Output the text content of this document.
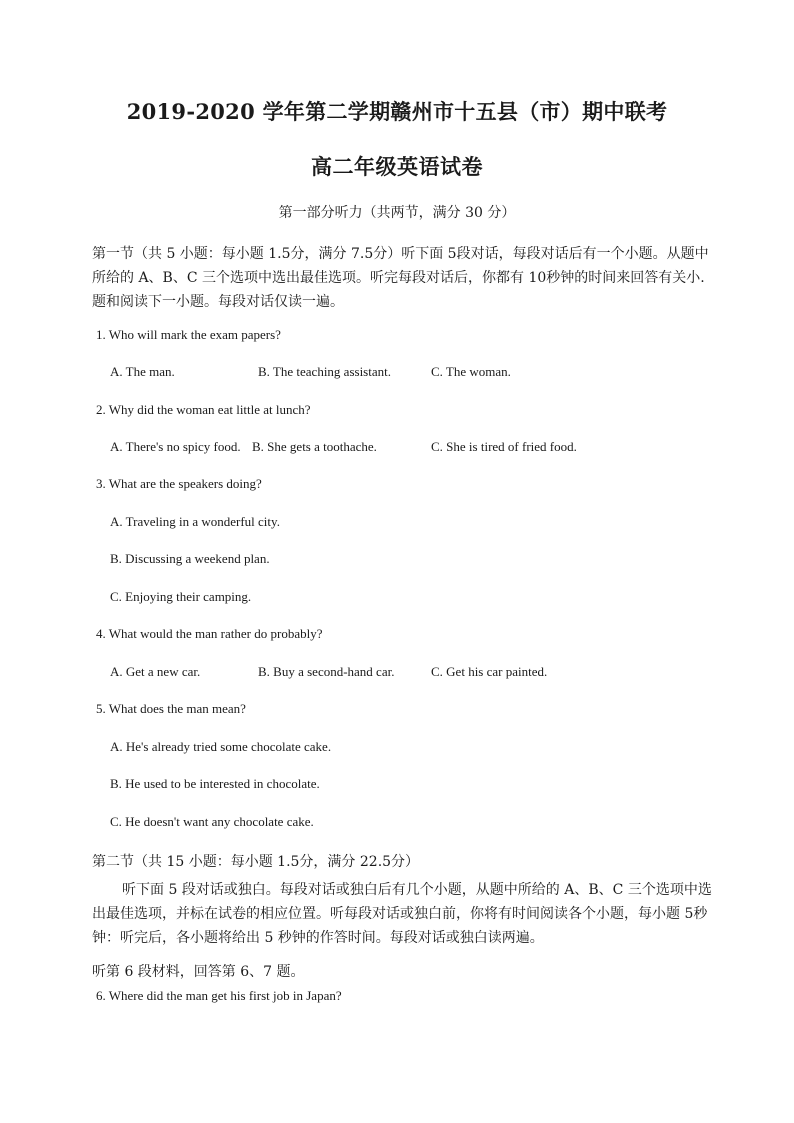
2019-2020 学年第二学期赣州市十五县（市）期中联考
高二年级英语试卷
第一部分听力（共两节，满分 30 分）
第一节（共 5 小题：每小题 1.5分，满分 7.5分）听下面 5段对话，每段对话后有一个小题。从题中所给的 A、B、C 三个选项中选出最佳选项。听完每段对话后，你都有 10秒钟的时间来回答有关小.题和阅读下一小题。每段对话仅读一遍。
1. Who will mark the exam papers?
A. The man.	B. The teaching assistant.	C. The woman.
2. Why did the woman eat little at lunch?
A. There's no spicy food. B. She gets a toothache.	C. She is tired of fried food.
3. What are the speakers doing?
A. Traveling in a wonderful city.
B. Discussing a weekend plan.
C. Enjoying their camping.
4. What would the man rather do probably?
A. Get a new car.	B. Buy a second-hand car.	C. Get his car painted.
5. What does the man mean?
A. He's already tried some chocolate cake.
B. He used to be interested in chocolate.
C. He doesn't want any chocolate cake.
第二节（共 15 小题：每小题 1.5分，满分 22.5分）
听下面 5 段对话或独白。每段对话或独白后有几个小题，从题中所给的 A、B、C 三个选项中选出最佳选项，并标在试卷的相应位置。听每段对话或独白前，你将有时间阅读各个小题，每小题 5秒钟：听完后，各小题将给出 5 秒钟的作答时间。每段对话或独白读两遍。
听第 6 段材料，回答第 6、7 题。
6. Where did the man get his first job in Japan?
